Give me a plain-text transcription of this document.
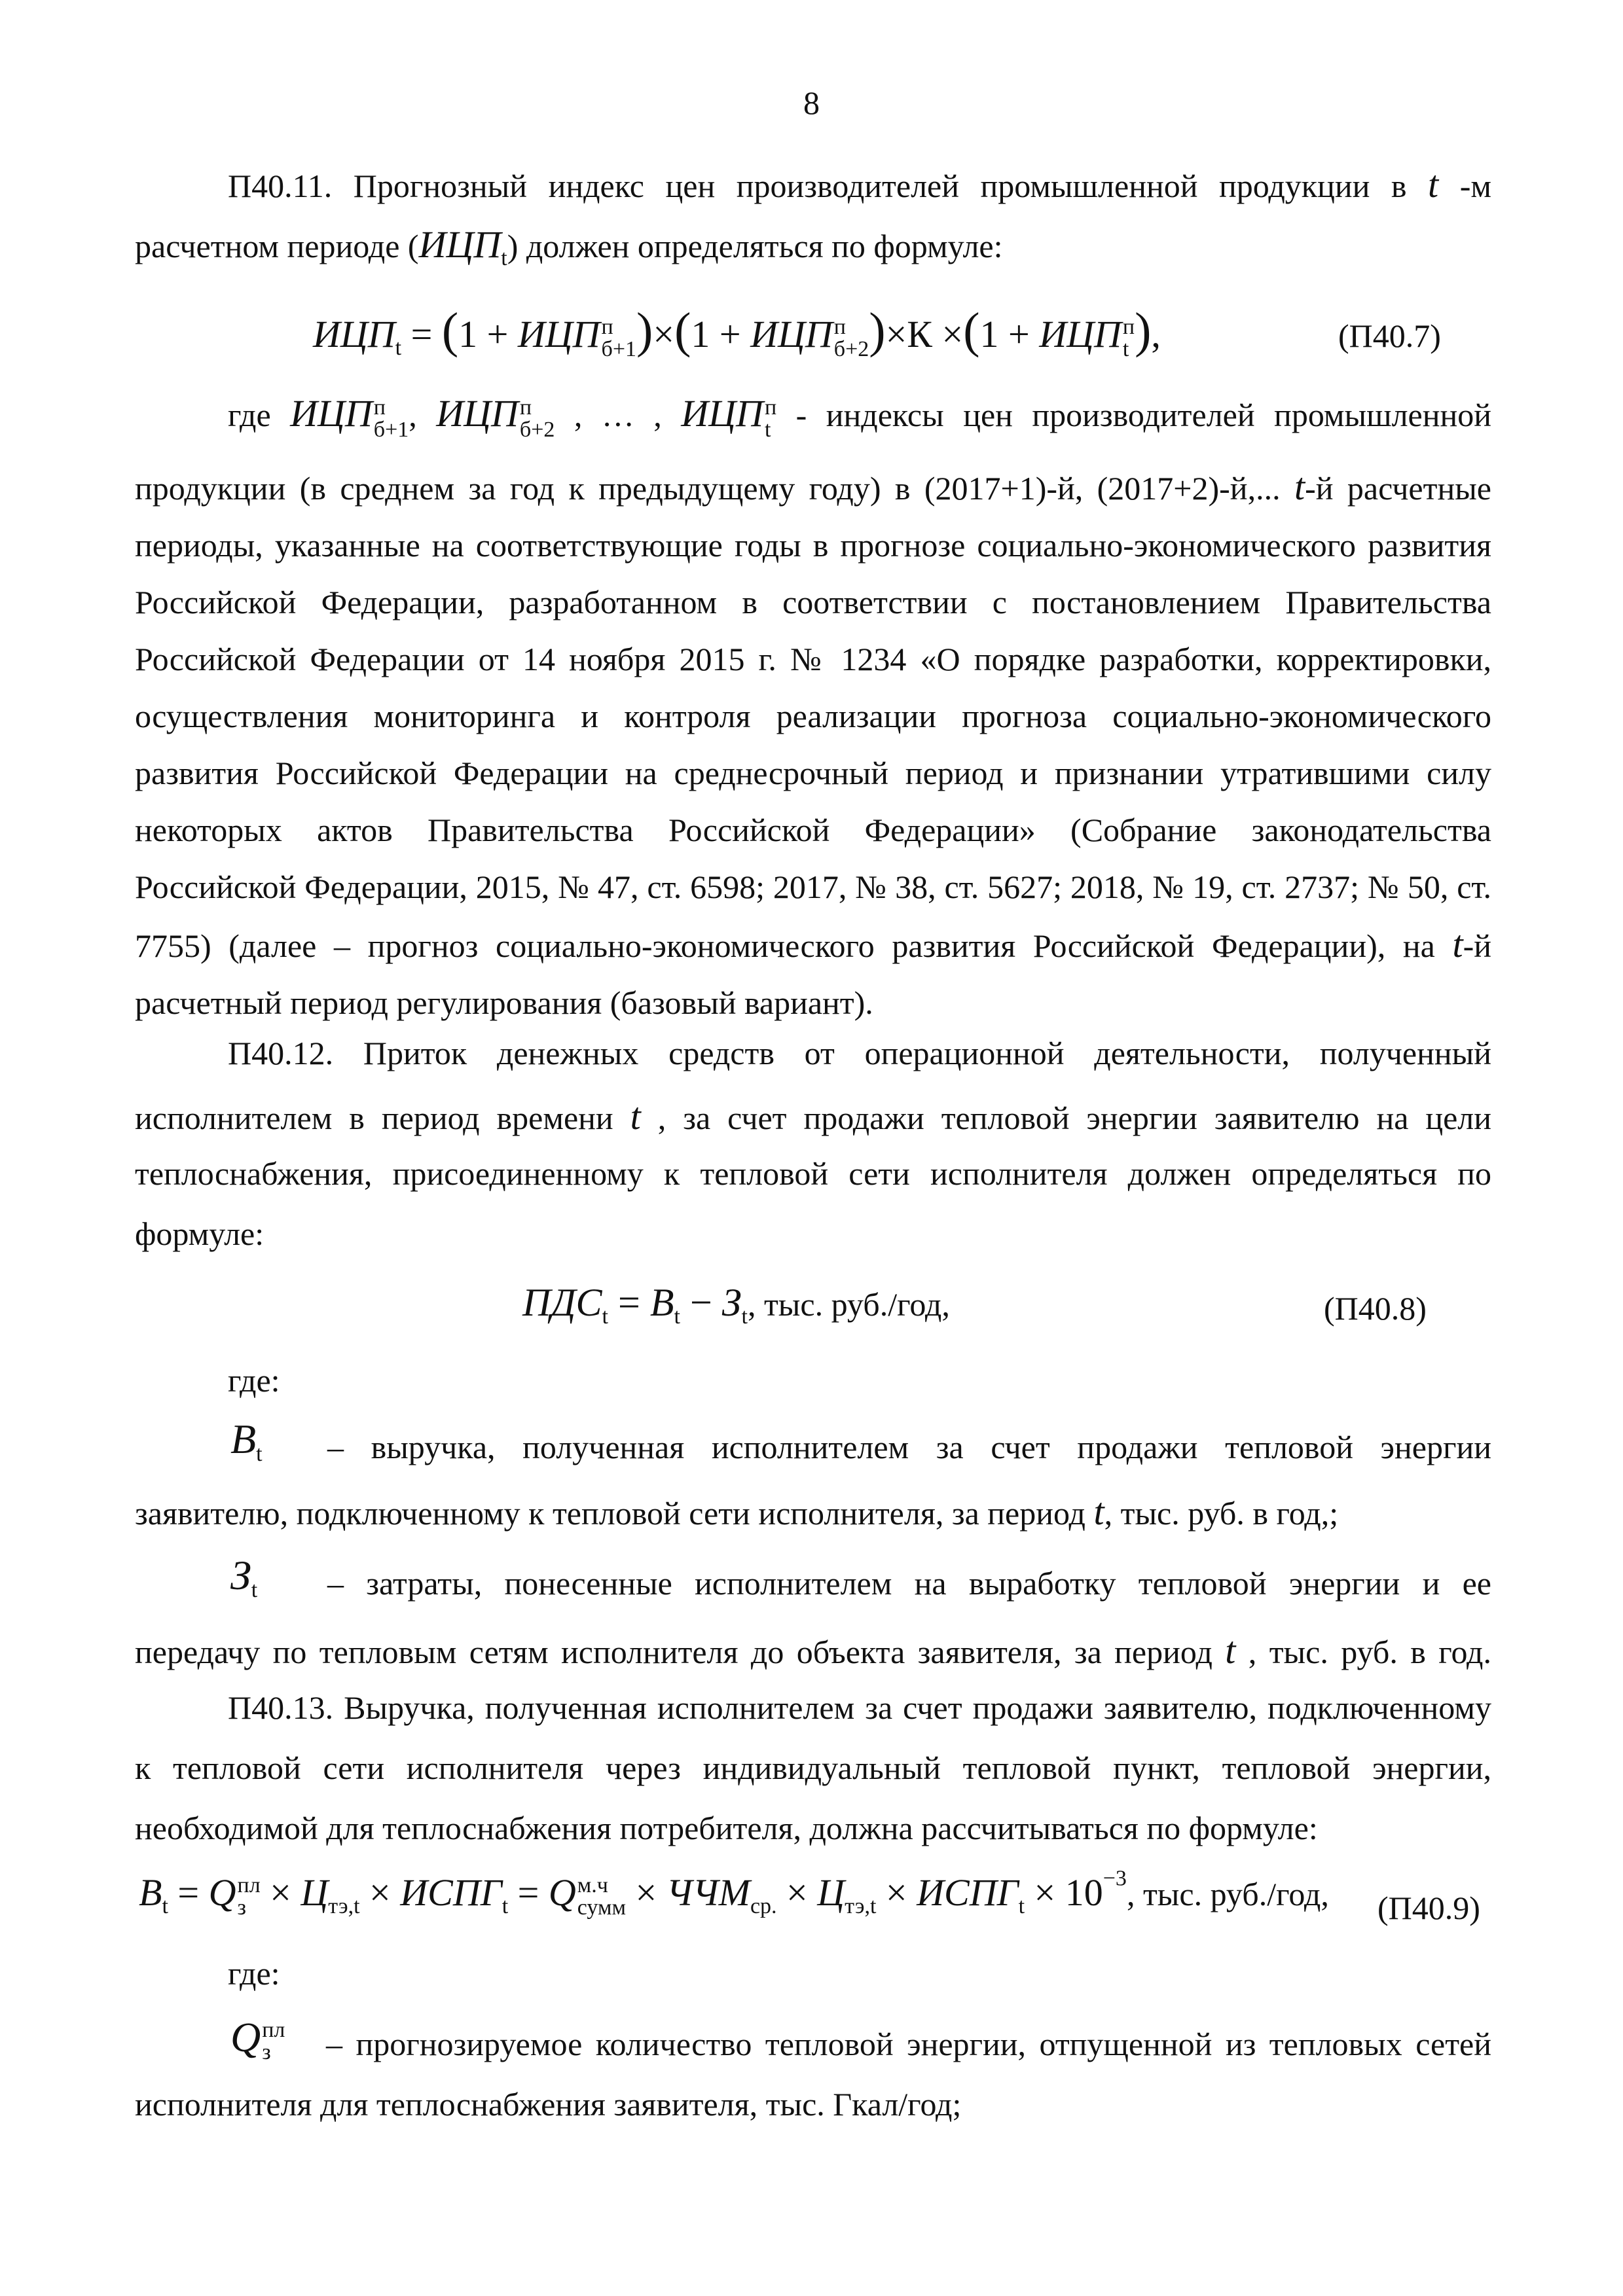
8
П40.11. Прогнозный индекс цен производителей промышленной продукции в t -м
расчетном периоде $(ИЦП_t)$ должен определяться по формуле:
$ИЦП_t = (1$ + ИЦП п
б+1 )×(1 + ИЦП п
б+2 )×К ×(1 + ИЦП п
t ),	(П40.7)
где ИЦП п
б+1 , ИЦП п
б+2 , … , ИЦП п
t - индексы цен производителей промышленной

продукции (в среднем за год к предыдущему году) в (2017+1)-й, (2017+2)-й,... t-й расчетные периоды, указанные на соответствующие годы в прогнозе социально-экономического развития Российской Федерации, разработанном в соответствии с постановлением Правительства Российской Федерации от 14 ноября 2015 г. № 1234 «О порядке разработки, корректировки, осуществления мониторинга и контроля реализации прогноза социально-экономического развития Российской Федерации на среднесрочный период и признании утратившими силу некоторых актов Правительства Российской Федерации» (Собрание законодательства Российской Федерации, 2015, № 47, ст. 6598; 2017, № 38, ст. 5627; 2018, № 19, ст. 2737; № 50, ст. 7755) (далее – прогноз социально-экономического развития Российской Федерации), на t-й расчетный период регулирования (базовый вариант).

П40.12. Приток денежных средств от операционной деятельности, полученный
исполнителем в период времени t , за счет продажи тепловой энергии заявителю на цели
теплоснабжения, присоединенному к тепловой сети исполнителя должен определяться по
формуле:
ПДСt = Bt − Зt, тыс. руб./год,	(П40.8)
где:
Bt – выручка, полученная исполнителем за счет продажи тепловой энергии
заявителю, подключенному к тепловой сети исполнителя, за период t, тыс. руб. в год,;
Зt – затраты, понесенные исполнителем на выработку тепловой энергии и ее
передачу по тепловым сетям исполнителя до объекта заявителя, за период t , тыс. руб. в год.
П40.13. Выручка, полученная исполнителем за счет продажи заявителю, подключенному
к тепловой сети исполнителя через индивидуальный тепловой пункт, тепловой энергии,
необходимой для теплоснабжения потребителя, должна рассчитываться по формуле:
$B_t = Q$ пл
$з \times Ц_{тэ,t}$ × $ИСПГ_t = Q$ м.ч
сумм × $ЧЧМ_{ср.} \times Ц_{тэ,t}$ × $ИСПГ_t \times 10^{-3}$, тыс. руб./год, (П40.9)
где:
Q пл
з	– прогнозируемое количество тепловой энергии, отпущенной из тепловых сетей
исполнителя для теплоснабжения заявителя, тыс. Гкал/год;
